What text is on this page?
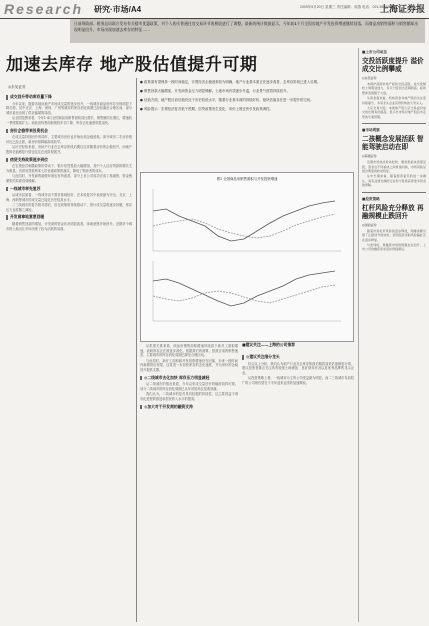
Research 研究·市场/A4	2009年5月20日 星期三 责任编辑：周燕 电话：021-58393245
上海证券报
日前财政部、税务总局联合发布有关楼市优惠政策，对个人购买普通住房交易环节的税收进行了调整。最新的统计数据显示，今年前4个月全国房地产开发投资增速继续回落，而商品房销售面积与销售额却出现明显回升，市场出现加速去库存的特征……
加速去库存 地产股估值提升可期
◎东吴证券
成交回升带动库存量下降

今年以来，随着各地房地产市场成交量的逐步回升，一线城市商品房库存呈现明显下降态势。其中北京、上海、深圳、广州等城市的库存消化周期已经回落至合理区间，部分城市甚至出现了供应偏紧的局面。

从全国范围来看，今年1-4月全国商品房销售面积同比增长，销售额同比增长，增速较一季度继续扩大。商品房待售面积则较年初下降，库存去化速度明显加快。

房价企稳带来投资机会

在成交量持续回升的同时，主要城市房价也开始出现企稳迹象。部分城市二手房价格环比已经止跌，新房价格降幅持续收窄。

从历史经验来看，房地产行业在去库存阶段后期往往伴随着房价的企稳回升，而地产股的估值修复行情也往往在此阶段展开。

信贷支持政策逐步到位

在宏观经济刺激政策的带动下，银行信贷投放大幅增加，其中个人住房贷款的增长尤为明显。首套房贷款利率七折优惠政策的落实，降低了购房者的成本。

与此同时，开发商的融资环境也有所改善，部分上市公司成功完成了再融资，资金链紧张的局面得到缓解。

一线城市率先复苏

从城市层面看，一线城市由于需求基础较好，在本轮复苏中表现最为突出，北京、上海、深圳等城市的成交量已接近历史较高水平。

二三线城市的复苏相对滞后，但在政策的持续推动下，预计成交量将逐步回暖，库存压力也将随之减轻。

开发商拿地意愿回暖

随着销售回款的增加，开发商的资金状况明显改善，拿地意愿开始回升。近期多个城市的土地出让市场出现了较为活跃的局面。

● 政策面有望保持一段时间稳定，宏观经济企稳迹象较为明确，地产行业基本面正在逐步改善，去库存阶段已进入后期。

● 销售回款大幅增加，开发商资金压力明显缓解，土地市场有望逐步升温，行业景气度将持续回升。

● 估值方面，地产股目前估值仍处于历史较低水平，随着行业基本面的持续好转，板块估值存在进一步提升的空间。

● 风险提示：宏观经济复苏低于预期，信贷政策发生变化，房价上涨过快引发政策调控。

图1 全国商品房销售面积与开发投资增速

从供需关系来看，商品房销售面积增速持续高于新开工面积增速，表明库存正在被逐步消化。根据我们的测算，按照目前的销售速度，主要城市的库存消化周期已降至合理区间。

与此同时，新开工面积和开发投资增速仍在回落，未来一段时间内新增供应有限，这将进一步加快库存的去化速度，并为房价的企稳回升提供支撑。

◎二线城市去化加快 库存压力明显减轻

从二线城市的情况来看，今年以来成交量回升的幅度同样可观。部分二线城市的库存消化周期已从年初的高位显著回落。

我们认为，二线城市的复苏具有较强的持续性，这主要得益于城市化进程的推进和居民收入水平的提高。

◎加大对于开发商的融资支持
◎建议关注细分龙头

综合以上分析，我们认为地产行业在去库存阶段后期将迎来估值修复行情，建议投资者重点关注具有较强土地储备、良好财务状况以及优秀品牌的龙头企业。

从投资策略上看，一线城市为主的公司受益最为明显，而二三线城市布局较广的公司则有望在下半年迎来业绩的加速释放。

■建议关注——上海的公司推荐
■上市公司动态
交投活跃度提升 溢价成交比例攀威
◎东吴证券

本周沪深两市地产板块交投活跃，成交金额较上周明显放大，多只个股创出近期新高，板块整体表现强于大盘。

从资金面来看，机构资金对地产股的关注度持续提升，多家龙头企业获得机构的大笔买入。

大宗交易方面，本周地产股大宗交易溢价成交的比例有所提高，显示出市场对地产股后市走势的乐观预期。

■市场观察
二孩概念发展活跃 智能驾驶启动在即
◎海通证券

近期市场热点轮动较快，题材类板块表现活跃，资金在不同板块之间快速切换，市场风格呈现出明显的轮动特征。

从中长期来看，随着经济复苏的进一步确认，具有业绩支撑的行业和个股将获得更多资金的青睐。

■投资策略
杠杆风险充分释放 再融规模止跌回升
◎国信证券

随着市场杠杆风险的逐步释放，两融余额出现了止跌回升的迹象，表明投资者的风险偏好正在逐步修复。

与此同时，再融资市场的规模也在回升，上市公司的融资需求逐步得到满足。
